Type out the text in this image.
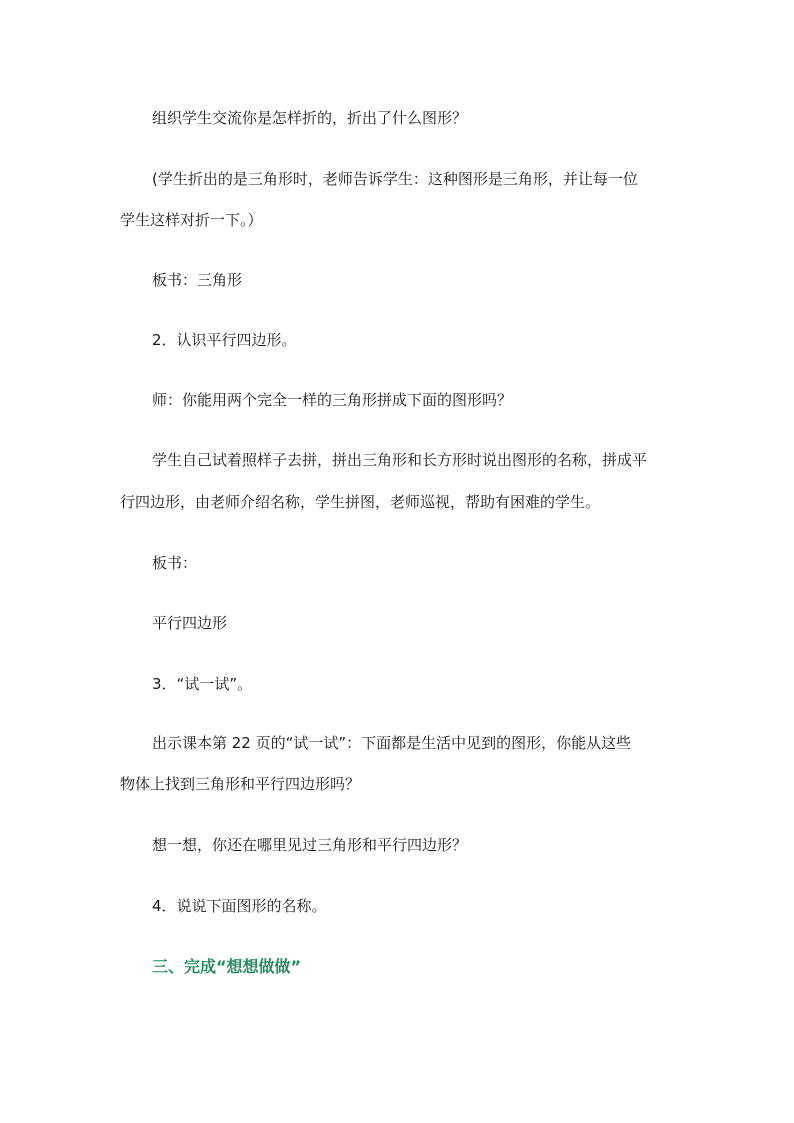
组织学生交流你是怎样折的，折出了什么图形？
(学生折出的是三角形时，老师告诉学生：这种图形是三角形，并让每一位
学生这样对折一下。）
板书：三角形
2．认识平行四边形。
师：你能用两个完全一样的三角形拼成下面的图形吗？
学生自己试着照样子去拼，拼出三角形和长方形时说出图形的名称，拼成平
行四边形，由老师介绍名称，学生拼图，老师巡视，帮助有困难的学生。
板书：
平行四边形
3．“试一试”。
出示课本第 22 页的“试一试”：下面都是生活中见到的图形，你能从这些
物体上找到三角形和平行四边形吗？
想一想，你还在哪里见过三角形和平行四边形？
4．说说下面图形的名称。
三、完成“想想做做”
